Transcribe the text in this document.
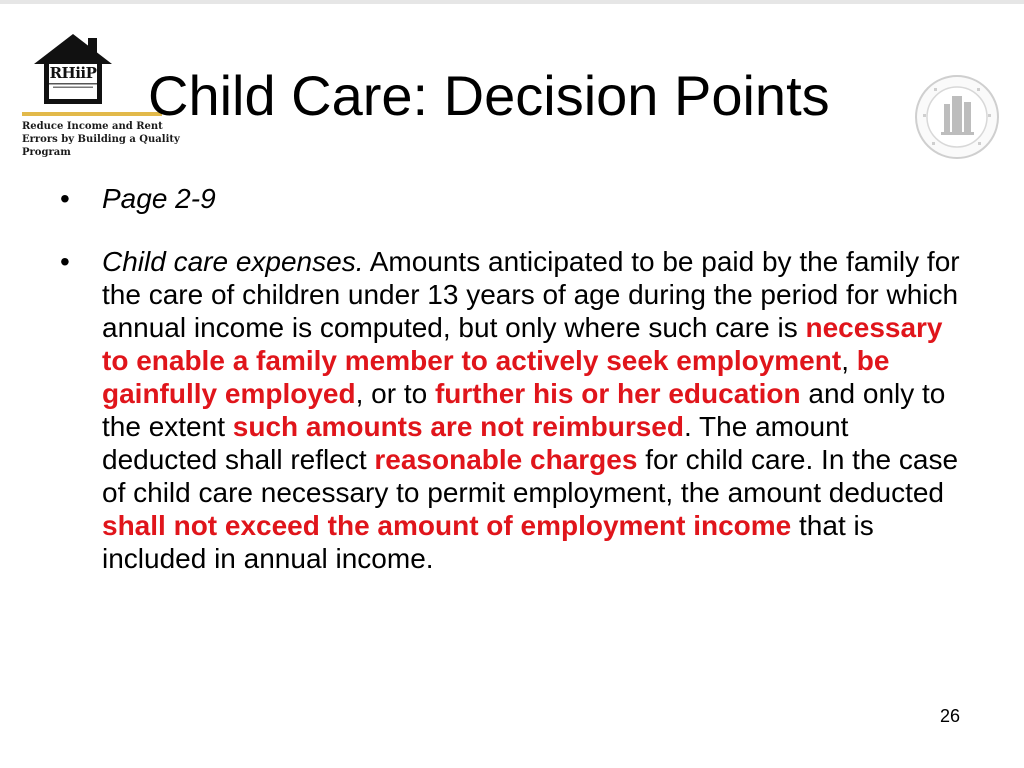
RHiiP
Reduce Income and Rent
Errors by Building a Quality
Program
Child Care: Decision Points
• Page 2-9
• Child care expenses. Amounts anticipated to be paid by the family for the care of children under 13 years of age during the period for which annual income is computed, but only where such care is necessary to enable a family member to actively seek employment, be gainfully employed, or to further his or her education and only to the extent such amounts are not reimbursed. The amount deducted shall reflect reasonable charges for child care. In the case of child care necessary to permit employment, the amount deducted shall not exceed the amount of employment income that is included in annual income.
26
